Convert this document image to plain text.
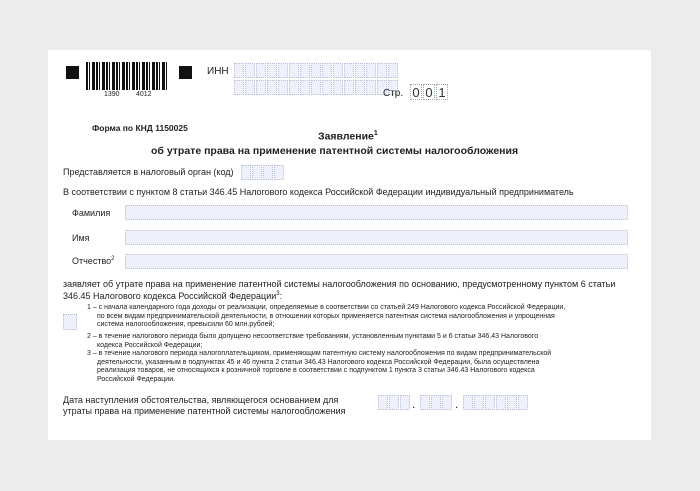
1390 4012
ИНН
Стр. 0 0 1
Форма по КНД 1150025
Заявление$^1$
об утрате права на применение патентной системы налогообложения
Представляется в налоговый орган (код)
В соответствии с пунктом 8 статьи 346.45 Налогового кодекса Российской Федерации индивидуальный предприниматель
Фамилия
Имя
Отчество$^2$
заявляет об утрате права на применение патентной системы налогообложения по основанию, предусмотренному пунктом 6 статьи
346.45 Налогового кодекса Российской Федерации$^3$:
1 – с начала календарного года доходы от реализации, определяемые в соответствии со статьей 249 Налогового кодекса Российской Федерации,
по всем видам предпринимательской деятельности, в отношении которых применяется патентная система налогообложения и упрощенная
система налогообложения, превысили 60 млн.рублей;
2 – в течение налогового периода было допущено несоответствие требованиям, установленным пунктами 5 и 6 статьи 346.43 Налогового
кодекса Российской Федерации;
3 – в течение налогового периода налогоплательщиком, применяющим патентную систему налогообложения по видам предпринимательской
деятельности, указанным в подпунктах 45 и 46 пункта 2 статьи 346.43 Налогового кодекса Российской Федерации, была осуществлена
реализация товаров, не относящихся к розничной торговле в соответствии с подпунктом 1 пункта 3 статьи 346.43 Налогового кодекса
Российской Федерации.
Дата наступления обстоятельства, являющегося основанием для
утраты права на применение патентной системы налогообложения	.	.
